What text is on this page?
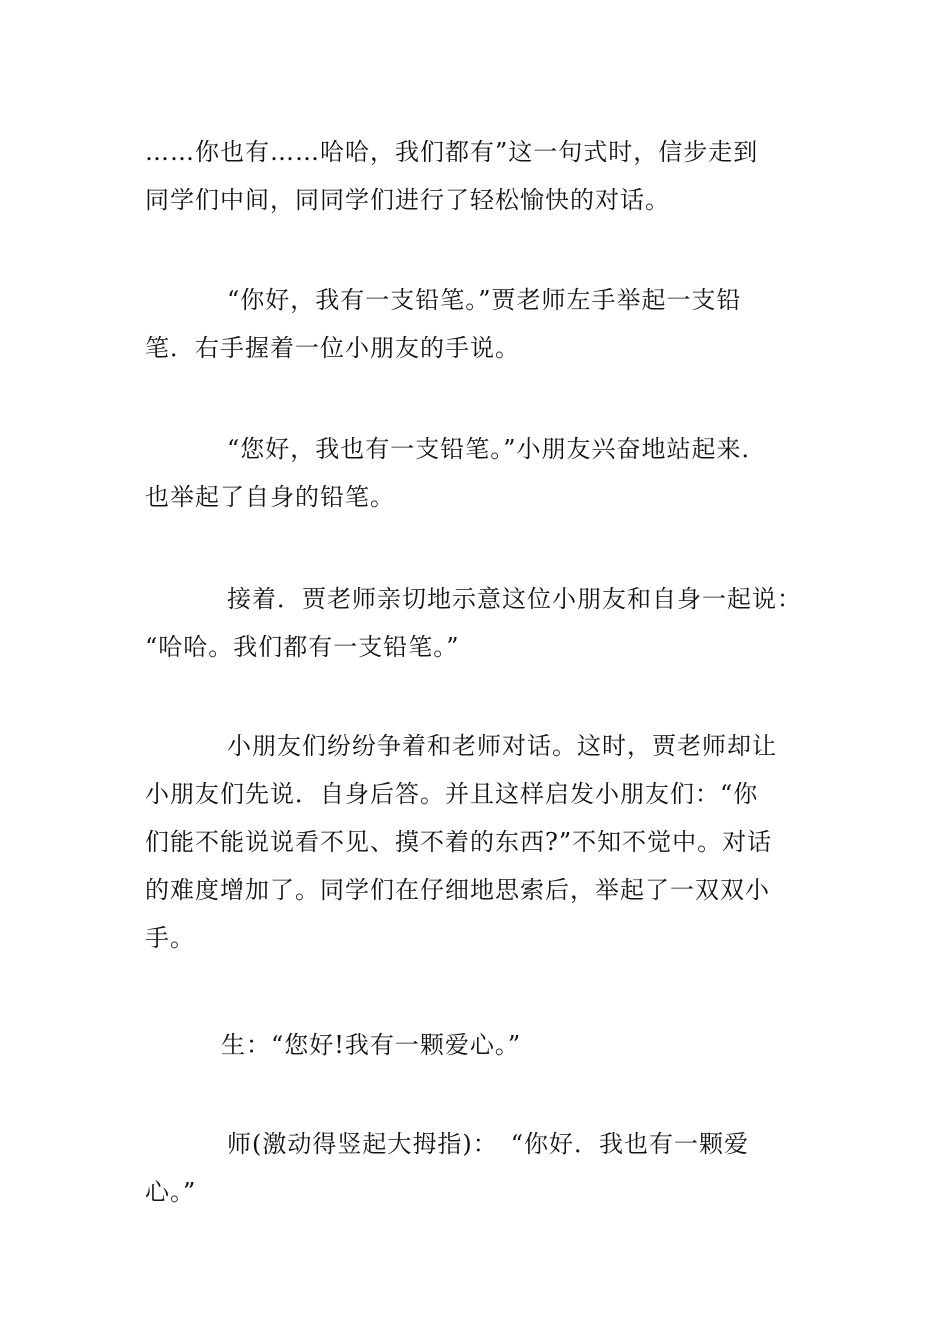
……你也有……哈哈，我们都有”这一句式时，信步走到
同学们中间，同同学们进行了轻松愉快的对话。

“你好，我有一支铅笔。”贾老师左手举起一支铅
笔．右手握着一位小朋友的手说。

“您好，我也有一支铅笔。”小朋友兴奋地站起来．
也举起了自身的铅笔。

接着．贾老师亲切地示意这位小朋友和自身一起说：
“哈哈。我们都有一支铅笔。”

小朋友们纷纷争着和老师对话。这时，贾老师却让
小朋友们先说．自身后答。并且这样启发小朋友们：“你
们能不能说说看不见、摸不着的东西?”不知不觉中。对话
的难度增加了。同学们在仔细地思索后，举起了一双双小
手。

生：“您好!我有一颗爱心。”

师(激动得竖起大拇指)：　“你好．我也有一颗爱
心。”
